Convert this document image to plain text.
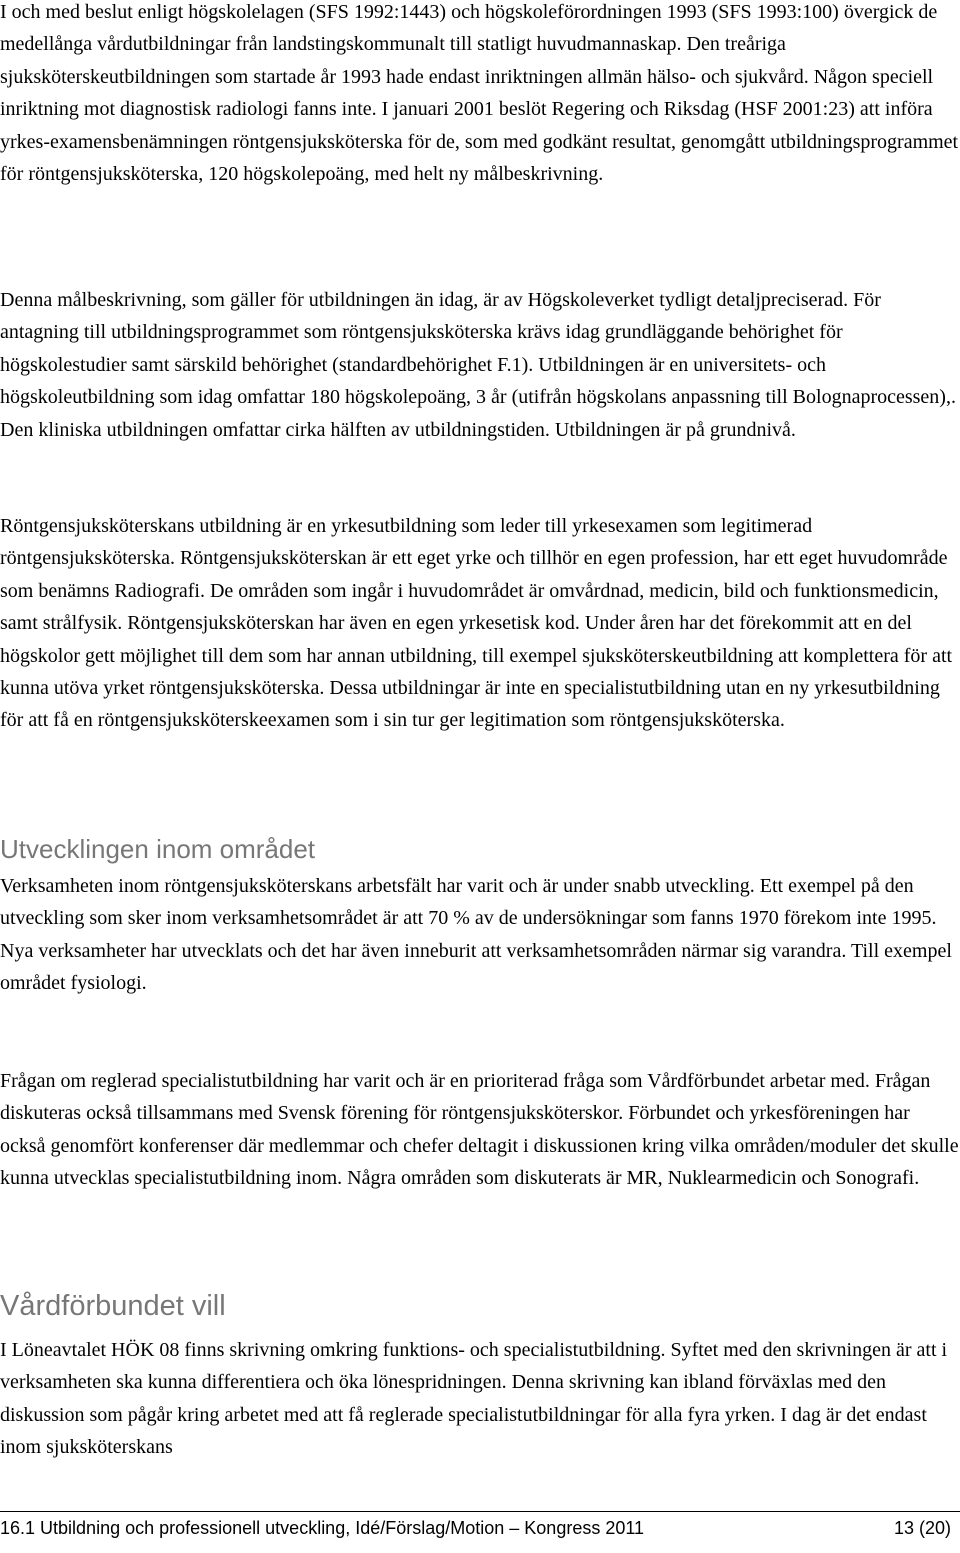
I och med beslut enligt högskolelagen (SFS 1992:1443) och högskoleförordningen 1993 (SFS 1993:100) övergick de medellånga vårdutbildningar från landstingskommunalt till statligt huvudmannaskap. Den treåriga sjuksköterskeutbildningen som startade år 1993 hade endast inriktningen allmän hälso- och sjukvård. Någon speciell inriktning mot diagnostisk radiologi fanns inte. I januari 2001 beslöt Regering och Riksdag (HSF 2001:23) att införa yrkes-examensbenämningen röntgensjuksköterska för de, som med godkänt resultat, genomgått utbildningsprogrammet för röntgensjuksköterska, 120 högskolepoäng, med helt ny målbeskrivning.

Denna målbeskrivning, som gäller för utbildningen än idag, är av Högskoleverket tydligt detaljpreciserad. För antagning till utbildningsprogrammet som röntgensjuksköterska krävs idag grundläggande behörighet för högskolestudier samt särskild behörighet (standardbehörighet F.1). Utbildningen är en universitets- och högskoleutbildning som idag omfattar 180 högskolepoäng, 3 år (utifrån högskolans anpassning till Bolognaprocessen),. Den kliniska utbildningen omfattar cirka hälften av utbildningstiden. Utbildningen är på grundnivå.

Röntgensjuksköterskans utbildning är en yrkesutbildning som leder till yrkesexamen som legitimerad röntgensjuksköterska. Röntgensjuksköterskan är ett eget yrke och tillhör en egen profession, har ett eget huvudområde som benämns Radiografi. De områden som ingår i huvudområdet är omvårdnad, medicin, bild och funktionsmedicin, samt strålfysik. Röntgensjuksköterskan har även en egen yrkesetisk kod. Under åren har det förekommit att en del högskolor gett möjlighet till dem som har annan utbildning, till exempel sjuksköterskeutbildning att komplettera för att kunna utöva yrket röntgensjuksköterska. Dessa utbildningar är inte en specialistutbildning utan en ny yrkesutbildning för att få en röntgensjuksköterskeexamen som i sin tur ger legitimation som röntgensjuksköterska.

Utvecklingen inom området

Verksamheten inom röntgensjuksköterskans arbetsfält har varit och är under snabb utveckling. Ett exempel på den utveckling som sker inom verksamhetsområdet är att 70 % av de undersökningar som fanns 1970 förekom inte 1995. Nya verksamheter har utvecklats och det har även inneburit att verksamhetsområden närmar sig varandra. Till exempel området fysiologi.

Frågan om reglerad specialistutbildning har varit och är en prioriterad fråga som Vårdförbundet arbetar med. Frågan diskuteras också tillsammans med Svensk förening för röntgensjuksköterskor. Förbundet och yrkesföreningen har också genomfört konferenser där medlemmar och chefer deltagit i diskussionen kring vilka områden/moduler det skulle kunna utvecklas specialistutbildning inom. Några områden som diskuterats är MR, Nuklearmedicin och Sonografi.

Vårdförbundet vill

I Löneavtalet HÖK 08 finns skrivning omkring funktions- och specialistutbildning. Syftet med den skrivningen är att i verksamheten ska kunna differentiera och öka lönespridningen. Denna skrivning kan ibland förväxlas med den diskussion som pågår kring arbetet med att få reglerade specialistutbildningar för alla fyra yrken. I dag är det endast inom sjuksköterskans

16.1 Utbildning och professionell utveckling, Idé/Förslag/Motion – Kongress 2011	13 (20)
